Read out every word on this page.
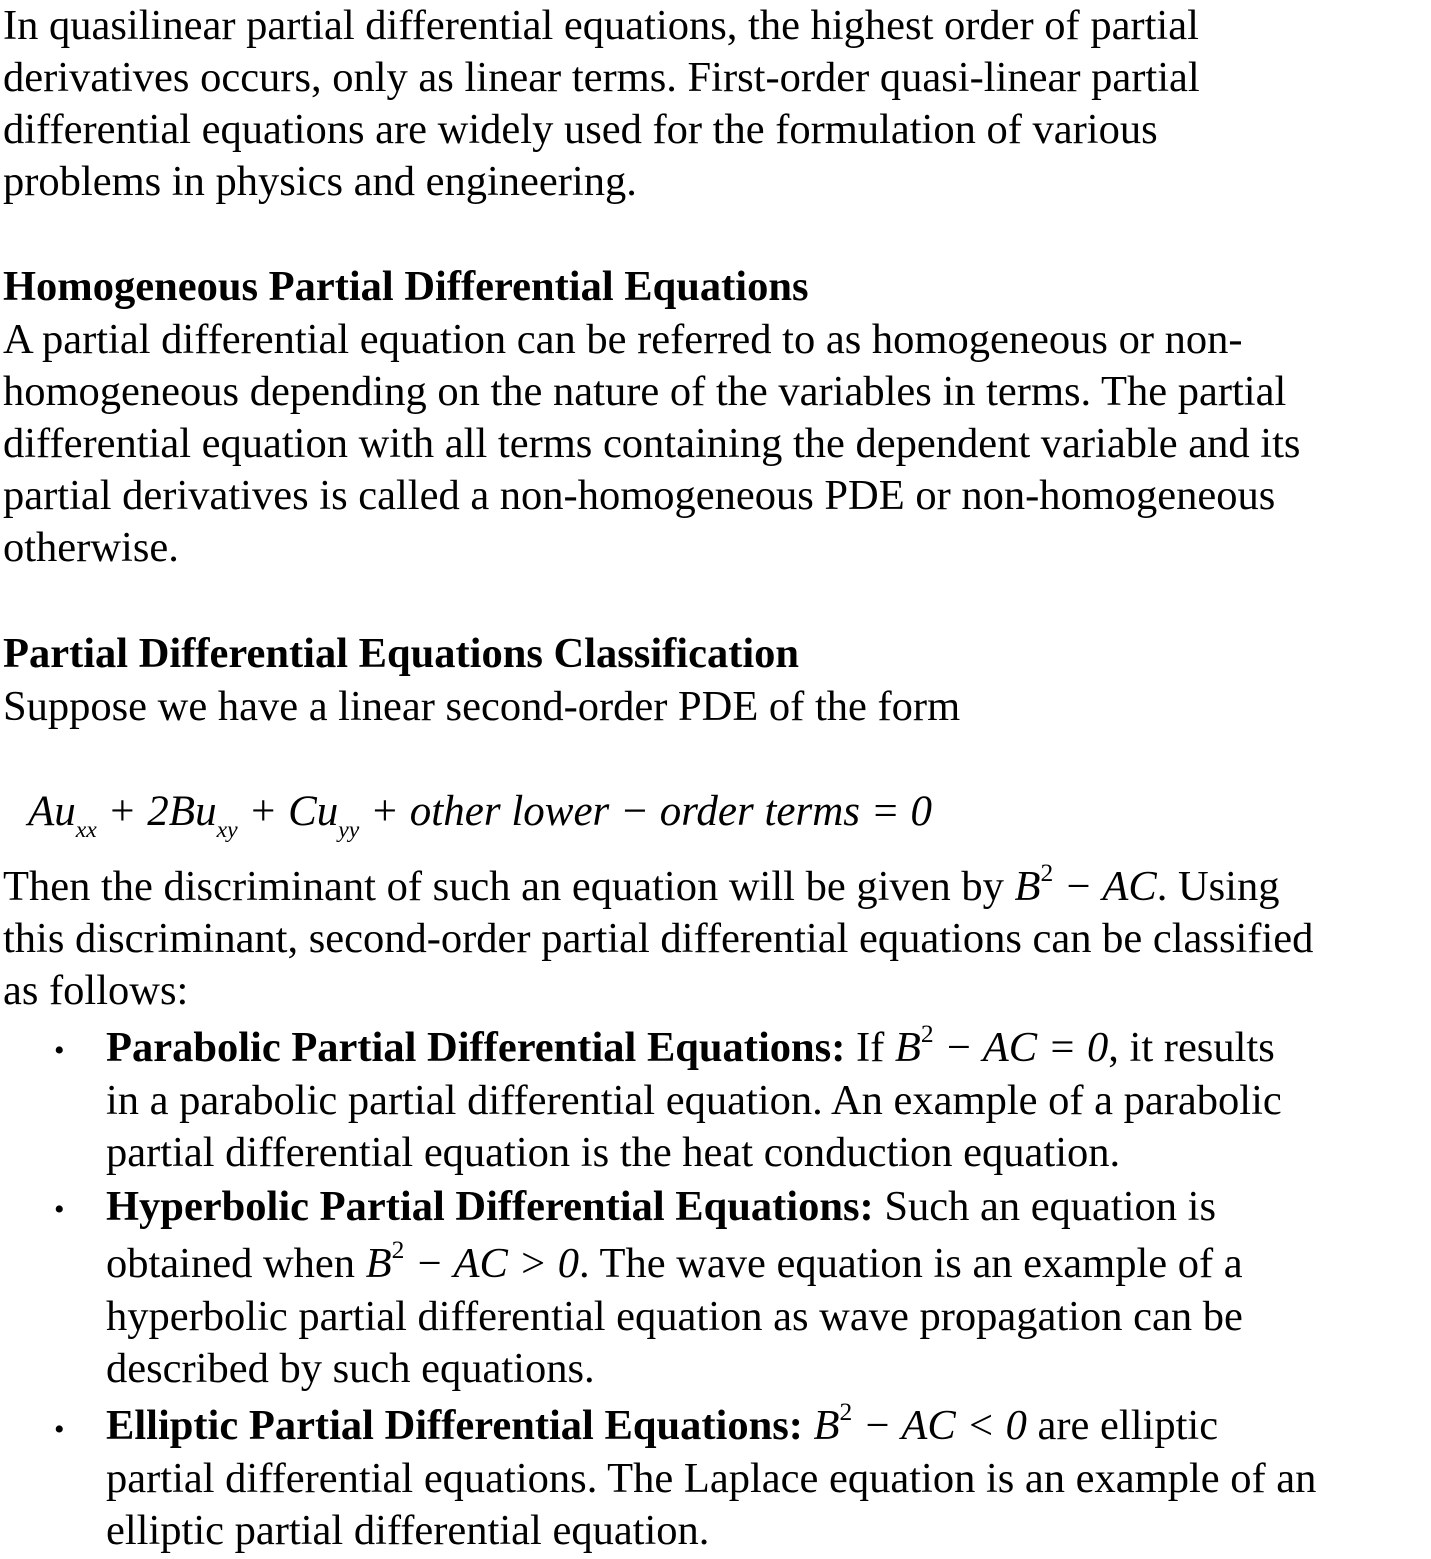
In quasilinear partial differential equations, the highest order of partial
derivatives occurs, only as linear terms. First-order quasi-linear partial
differential equations are widely used for the formulation of various
problems in physics and engineering.
Homogeneous Partial Differential Equations
A partial differential equation can be referred to as homogeneous or non-
homogeneous depending on the nature of the variables in terms. The partial
differential equation with all terms containing the dependent variable and its
partial derivatives is called a non-homogeneous PDE or non-homogeneous
otherwise.
Partial Differential Equations Classification
Suppose we have a linear second-order PDE of the form
$Au_{xx} + 2Bu_{xy} + Cu_{yy}$ + other lower − order terms = 0
Then the discriminant of such an equation will be given by $B^2$ − AC. Using
this discriminant, second-order partial differential equations can be classified
as follows:
• Parabolic Partial Differential Equations: If $B^2$ − AC = 0, it results
in a parabolic partial differential equation. An example of a parabolic
partial differential equation is the heat conduction equation.
• Hyperbolic Partial Differential Equations: Such an equation is
obtained when $B^2$ − AC > 0. The wave equation is an example of a
hyperbolic partial differential equation as wave propagation can be
described by such equations.
• Elliptic Partial Differential Equations: $B^2$ − AC < 0 are elliptic
partial differential equations. The Laplace equation is an example of an
elliptic partial differential equation.
